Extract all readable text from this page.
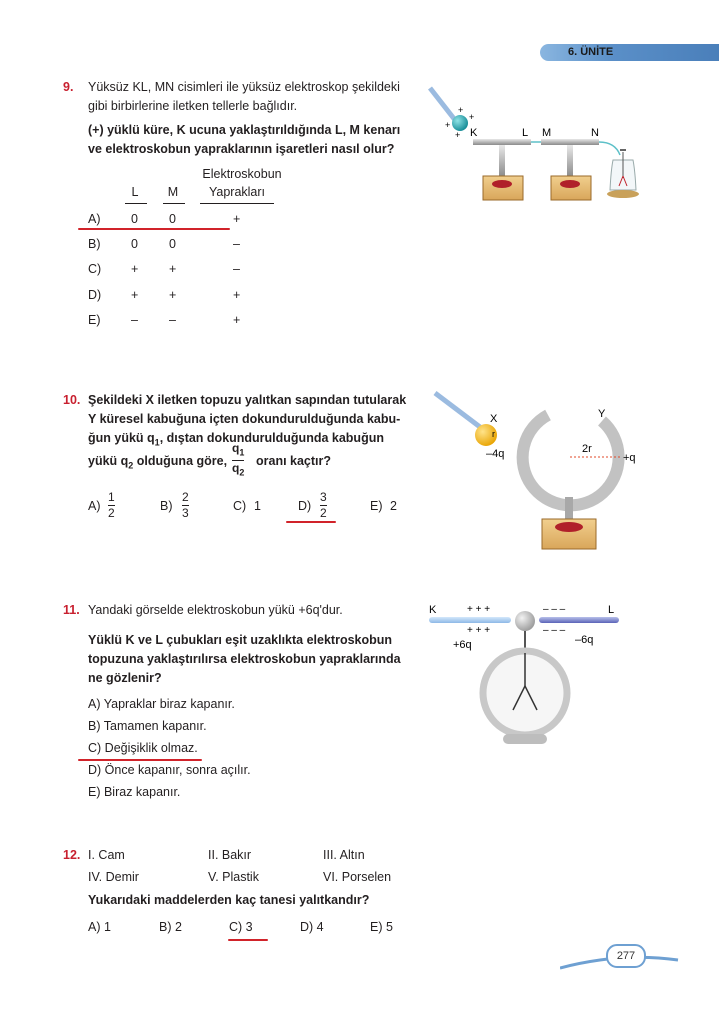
6. ÜNİTE
9. Yüksüz KL, MN cisimleri ile yüksüz elektroskop şekildeki
gibi birbirlerine iletken tellerle bağlıdır.
(+) yüklü küre, K ucuna yaklaştırıldığında L, M kenarı
ve elektroskobun yapraklarının işaretleri nasıl olur?
Elektroskobun
L	M	Yaprakları
A) 0 0	+
B) 0 0	–
C) + +	–
D) + +	+
E) – –	+
+
+
+
+
K	L M	N
10. Şekildeki X iletken topuzu yalıtkan sapından tutularak
Y küresel kabuğuna içten dokundurulduğunda kabu-
ğun yükü $q_1$, dıştan dokundurulduğunda kabuğun
yükü $q_2$ olduğuna göre, $\frac{q_1}{q_2}$ oranı kaçtır?
$A) \frac{1}{2}$	$B) \frac{2}{3}$	C) 1	$D) \frac{3}{2}$	E) 2
X
r
–4q
Y
2r
+q
11. Yandaki görselde elektroskobun yükü +6q'dur.
Yüklü K ve L çubukları eşit uzaklıkta elektroskobun
topuzuna yaklaştırılırsa elektroskobun yapraklarında
ne gözlenir?
A) Yapraklar biraz kapanır.
B) Tamamen kapanır.
C) Değişiklik olmaz.
D) Önce kapanır, sonra açılır.
E) Biraz kapanır.
K	L
+ + +	– – –
+ + +	– – –
+6q	–6q
12. I. Cam	II. Bakır	III. Altın
IV. Demir	V. Plastik	VI. Porselen
Yukarıdaki maddelerden kaç tanesi yalıtkandır?
A) 1	B) 2	C) 3	D) 4	E) 5
277
